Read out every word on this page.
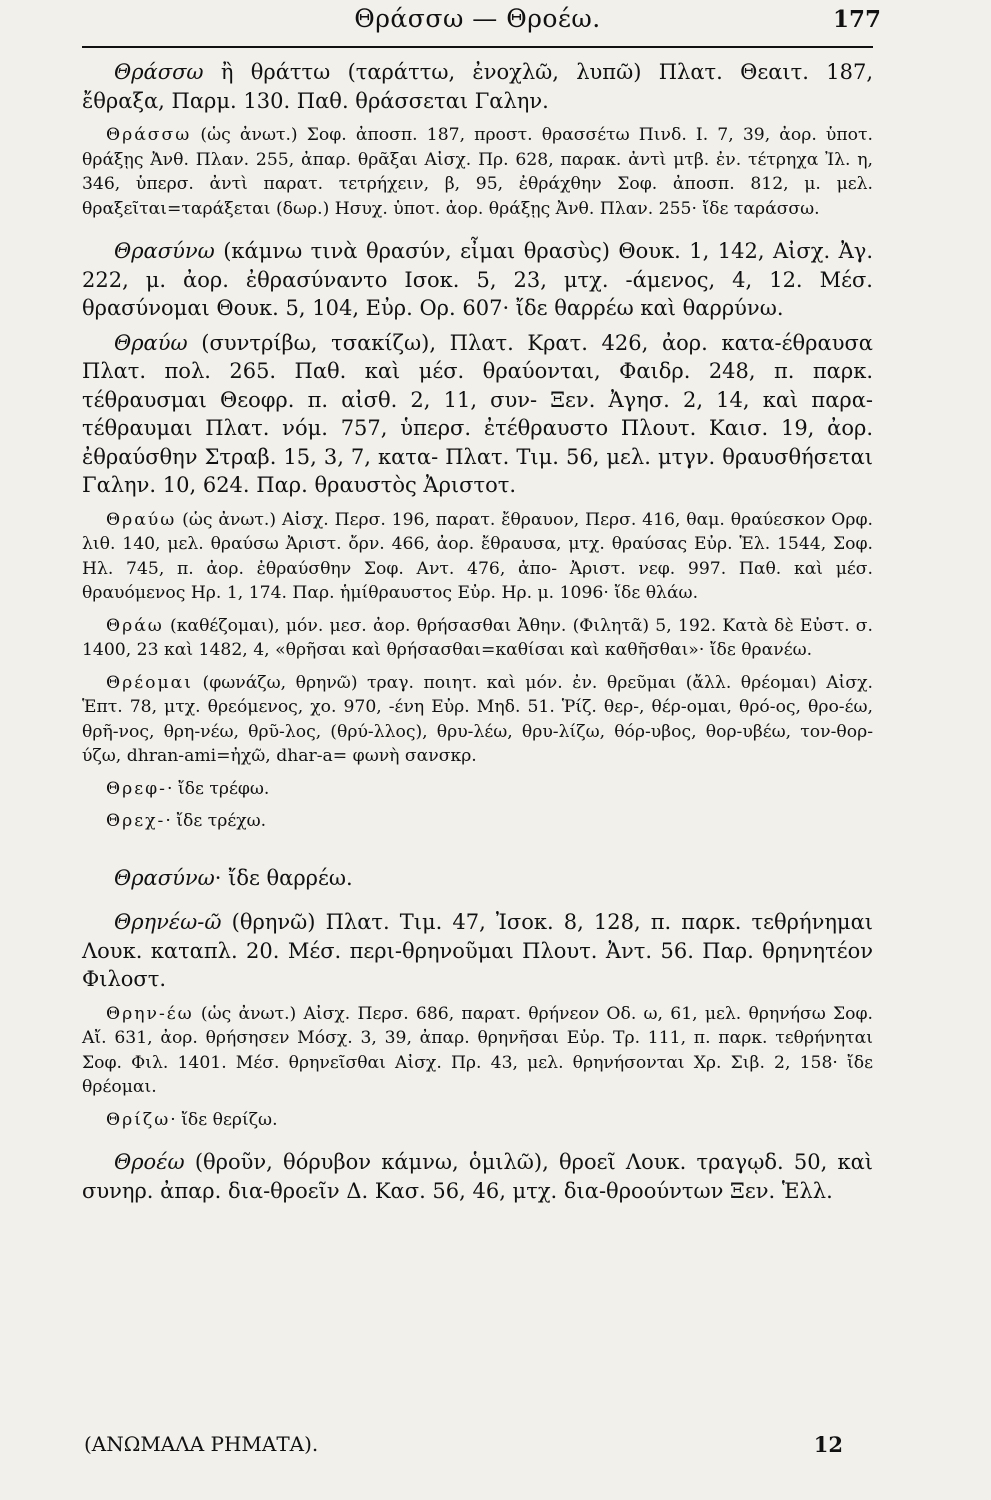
Θράσσω — Θροέω.	177

Θράσσω ἢ θράττω (ταράττω, ἐνοχλῶ, λυπῶ) Πλατ. Θεαιτ. 187, ἔθραξα, Παρμ. 130. Παθ. θράσσεται Γαλην.

Θράσσω (ὡς ἀνωτ.) Σοφ. ἀποσπ. 187, προστ. θρασσέτω Πινδ. Ι. 7, 39, ἀορ. ὑποτ. θράξῃς Ἀνθ. Πλαν. 255, ἀπαρ. θρᾶξαι Αἰσχ. Πρ. 628, παρακ. ἀντὶ μτβ. ἐν. τέτρηχα Ἰλ. η, 346, ὑπερσ. ἀντὶ παρατ. τετρήχειν, β, 95, ἐθράχθην Σοφ. ἀποσπ. 812, μ. μελ. θραξεῖται=ταράξεται (δωρ.) Ησυχ. ὑποτ. ἀορ. θράξῃς Ἀνθ. Πλαν. 255· ἴδε ταράσσω.

Θρασύνω (κάμνω τινὰ θρασύν, εἶμαι θρασὺς) Θουκ. 1, 142, Αἰσχ. Ἀγ. 222, μ. ἀορ. ἐθρασύναντο Ισοκ. 5, 23, μτχ. -άμενος, 4, 12. Μέσ. θρασύνομαι Θουκ. 5, 104, Εὐρ. Ορ. 607· ἴδε θαρρέω καὶ θαρρύνω.

Θραύω (συντρίβω, τσακίζω), Πλατ. Κρατ. 426, ἀορ. κατα-έθραυσα Πλατ. πολ. 265. Παθ. καὶ μέσ. θραύονται, Φαιδρ. 248, π. παρκ. τέθραυσμαι Θεοφρ. π. αἰσθ. 2, 11, συν- Ξεν. Ἀγησ. 2, 14, καὶ παρα-τέθραυμαι Πλατ. νόμ. 757, ὑπερσ. ἐτέθραυστο Πλουτ. Καισ. 19, ἀορ. ἐθραύσθην Στραβ. 15, 3, 7, κατα- Πλατ. Τιμ. 56, μελ. μτγν. θραυσθήσεται Γαλην. 10, 624. Παρ. θραυστὸς Ἀριστοτ.

Θραύω (ὡς ἀνωτ.) Αἰσχ. Περσ. 196, παρατ. ἔθραυον, Περσ. 416, θαμ. θραύεσκον Ορφ. λιθ. 140, μελ. θραύσω Ἀριστ. ὄρν. 466, ἀορ. ἔθραυσα, μτχ. θραύσας Εὐρ. Ἑλ. 1544, Σοφ. Ηλ. 745, π. ἀορ. ἐθραύσθην Σοφ. Αντ. 476, ἀπο- Ἀριστ. νεφ. 997. Παθ. καὶ μέσ. θραυόμενος Ηρ. 1, 174. Παρ. ἡμίθραυστος Εὐρ. Ηρ. μ. 1096· ἴδε θλάω.

Θράω (καθέζομαι), μόν. μεσ. ἀορ. θρήσασθαι Ἀθην. (Φιλητᾶ) 5, 192. Κατὰ δὲ Εὐστ. σ. 1400, 23 καὶ 1482, 4, «θρῆσαι καὶ θρήσασθαι=καθίσαι καὶ καθῆσθαι»· ἴδε θρανέω.

Θρέομαι (φωνάζω, θρηνῶ) τραγ. ποιητ. καὶ μόν. ἐν. θρεῦμαι (ἄλλ. θρέομαι) Αἰσχ. Ἑπτ. 78, μτχ. θρεόμενος, χο. 970, -ένη Εὐρ. Μηδ. 51. Ῥίζ. θερ-, θέρ-ομαι, θρό-ος, θρο-έω, θρῆ-νος, θρη-νέω, θρῦ-λος, (θρύ-λλος), θρυ-λέω, θρυ-λίζω, θόρ-υβος, θορ-υβέω, τον-θορ-ύζω, dhran-ami=ἠχῶ, dhar-a= φωνὴ σανσκρ.

Θρεφ-· ἴδε τρέφω.

Θρεχ-· ἴδε τρέχω.

Θρασύνω· ἴδε θαρρέω.

Θρηνέω-ῶ (θρηνῶ) Πλατ. Τιμ. 47, Ἰσοκ. 8, 128, π. παρκ. τεθρήνημαι Λουκ. καταπλ. 20. Μέσ. περι-θρηνοῦμαι Πλουτ. Ἀντ. 56. Παρ. θρηνητέον Φιλοστ.

Θρην-έω (ὡς ἀνωτ.) Αἰσχ. Περσ. 686, παρατ. θρήνεον Οδ. ω, 61, μελ. θρηνήσω Σοφ. Αἴ. 631, ἀορ. θρήσησεν Μόσχ. 3, 39, ἀπαρ. θρηνῆσαι Εὐρ. Τρ. 111, π. παρκ. τεθρήνηται Σοφ. Φιλ. 1401. Μέσ. θρηνεῖσθαι Αἰσχ. Πρ. 43, μελ. θρηνήσονται Χρ. Σιβ. 2, 158· ἴδε θρέομαι.

Θρίζω· ἴδε θερίζω.

Θροέω (θροῦν, θόρυβον κάμνω, ὁμιλῶ), θροεῖ Λουκ. τραγῳδ. 50, καὶ συνηρ. ἀπαρ. δια-θροεῖν Δ. Κασ. 56, 46, μτχ. δια-θροούντων Ξεν. Ἑλλ.

(ΑΝΩΜΑΛΑ ΡΗΜΑΤΑ).	12
